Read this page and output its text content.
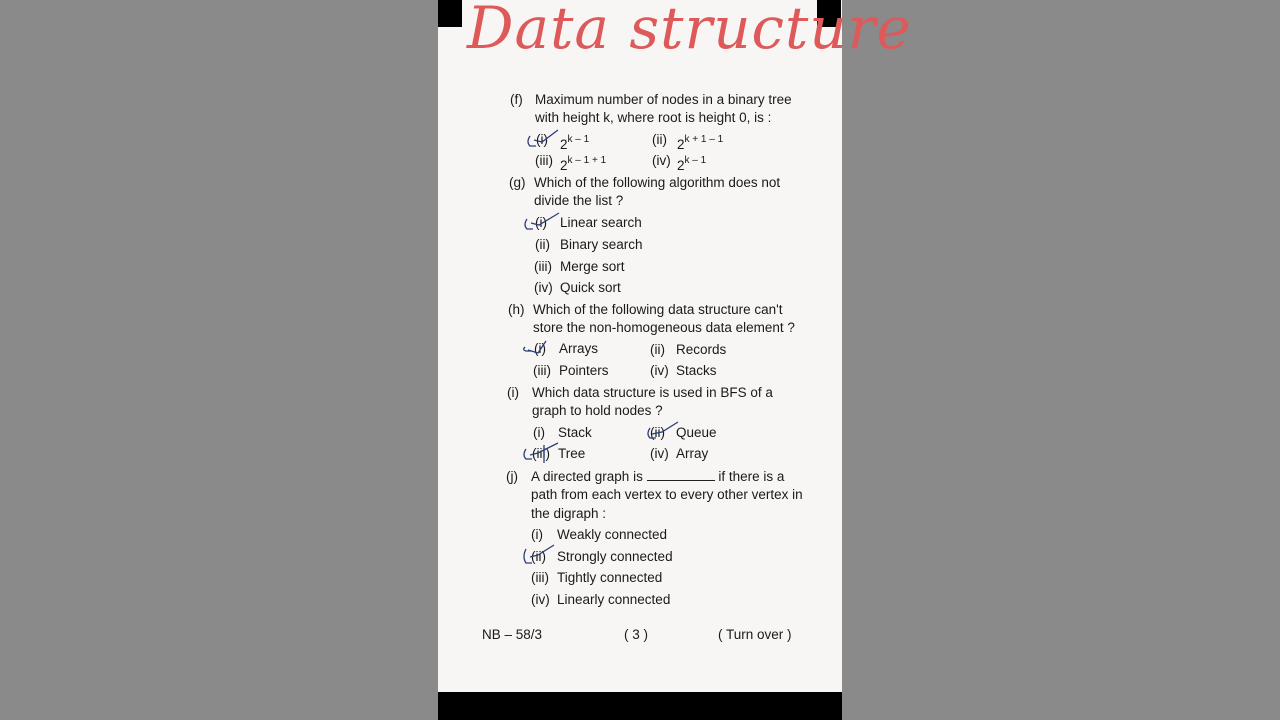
Data structure
(f) Maximum number of nodes in a binary tree
with height k, where root is height 0, is :
(i) 2$^{k - 1}$	(ii) $2^{k + 1 - 1}$
(iii) $2^{k - 1 + 1}$	(iv) 2$^{k - 1}$
(g) Which of the following algorithm does not
divide the list ?
(i) Linear search
(ii) Binary search
(iii) Merge sort
(iv) Quick sort
(h) Which of the following data structure can't
store the non-homogeneous data element ?
(i) Arrays	(ii) Records
(iii) Pointers	(iv) Stacks
(i) Which data structure is used in BFS of a
graph to hold nodes ?
(i) Stack	(ii) Queue
(iii) Tree	(iv) Array
(j) A directed graph is	if there is a
path from each vertex to every other vertex in
the digraph :
(i) Weakly connected
(ii) Strongly connected
(iii) Tightly connected
(iv) Linearly connected
NB – 58/3	( 3 )	( Turn over )
